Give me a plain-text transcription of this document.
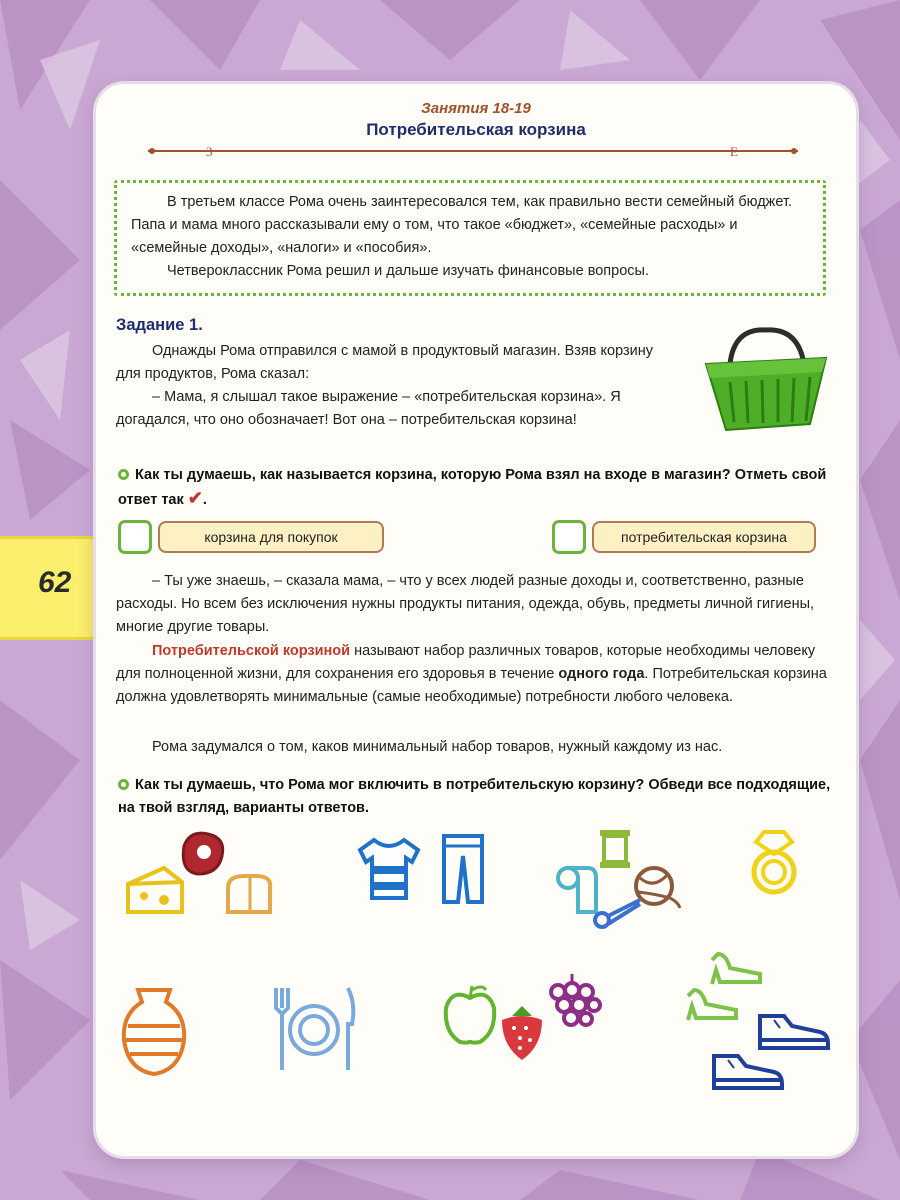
62
Занятия 18-19
Потребительская корзина
3	Е

В третьем классе Рома очень заинтересовался тем, как правильно вести семейный бюджет. Папа и мама много рассказывали ему о том, что такое «бюджет», «семейные расходы» и «семейные доходы», «налоги» и «пособия».

Четвероклассник Рома решил и дальше изучать финансовые вопросы.

Задание 1.

Однажды Рома отправился с мамой в продуктовый магазин. Взяв корзину для продуктов, Рома сказал:

– Мама, я слышал такое выражение – «потребительская корзина». Я догадался, что оно обозначает! Вот она – потребительская корзина!

Как ты думаешь, как называется корзина, которую Рома взял на входе в магазин? Отметь свой ответ так ✔.
корзина для покупок	потребительская корзина

– Ты уже знаешь, – сказала мама, – что у всех людей разные доходы и, соответственно, разные расходы. Но всем без исключения нужны продукты питания, одежда, обувь, предметы личной гигиены, многие другие товары.

Потребительской корзиной называют набор различных товаров, которые необходимы человеку для полноценной жизни, для сохранения его здоровья в течение одного года. Потребительская корзина должна удовлетворять минимальные (самые необходимые) потребности любого человека.

Рома задумался о том, каков минимальный набор товаров, нужный каждому из нас.

Как ты думаешь, что Рома мог включить в потребительскую корзину? Обведи все подходящие, на твой взгляд, варианты ответов.
